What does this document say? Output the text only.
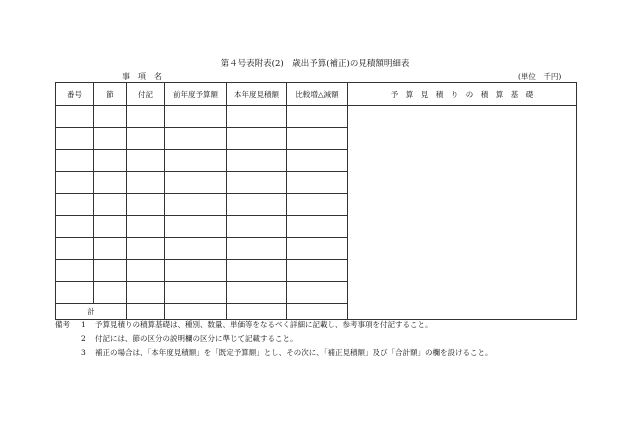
第４号表附表(2)　歳出予算(補正)の見積額明細表
事　項　名	(単位　千円)
番号	節	付記	前年度予算額	本年度見積額	比較増△減額	予　算　見　積　り　の　積　算　基　礎

計						
備考	1	予算見積りの積算基礎は、種別、数量、単価等をなるべく詳細に記載し、参考事項を付記すること。
2	付記には、節の区分の説明欄の区分に準じて記載すること。
3	補正の場合は、「本年度見積額」を「既定予算額」とし、その次に、「補正見積額」及び「合計額」の欄を設けること。
